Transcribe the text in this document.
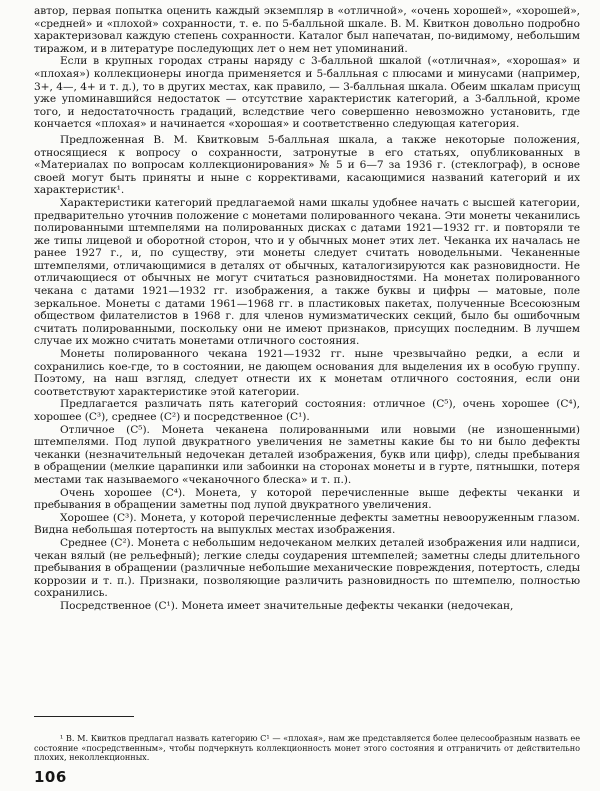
автор, первая попытка оценить каждый экземпляр в «отличной», «очень хорошей», «хорошей», «средней» и «плохой» сохранности, т. е. по 5-балльной шкале. В. М. Квиткон довольно подробно характеризовал каждую степень сохранности. Каталог был напечатан, по-видимому, небольшим тиражом, и в литературе последующих лет о нем нет упоминаний.

Если в крупных городах страны наряду с 3-балльной шкалой («отличная», «хорошая» и «плохая») коллекционеры иногда применяется и 5-балльная с плюсами и минусами (например, 3+, 4—, 4+ и т. д.), то в других местах, как правило, — 3-балльная шкала. Обеим шкалам присущ уже упоминавшийся недостаток — отсутствие характеристик категорий, а 3-балльной, кроме того, и недостаточность градаций, вследствие чего совершенно невозможно установить, где кончается «плохая» и начинается «хорошая» и соответственно следующая категория.

Предложенная В. М. Квитковым 5-балльная шкала, а также некоторые положения, относящиеся к вопросу о сохранности, затронутые в его статьях, опубликованных в «Материалах по вопросам коллекционирования» № 5 и 6—7 за 1936 г. (стеклограф), в основе своей могут быть приняты и ныне с коррективами, касающимися названий категорий и их характеристик¹.

Характеристики категорий предлагаемой нами шкалы удобнее начать с высшей категории, предварительно уточнив положение с монетами полированного чекана. Эти монеты чеканились полированными штемпелями на полированных дисках с датами 1921—1932 гг. и повторяли те же типы лицевой и оборотной сторон, что и у обычных монет этих лет. Чеканка их началась не ранее 1927 г., и, по существу, эти монеты следует считать новодельными. Чеканенные штемпелями, отличающимися в деталях от обычных, каталогизируются как разновидности. Не отличающиеся от обычных не могут считаться разновидностями. На монетах полированного чекана с датами 1921—1932 гг. изображения, а также буквы и цифры — матовые, поле зеркальное. Монеты с датами 1961—1968 гг. в пластиковых пакетах, полученные Всесоюзным обществом филателистов в 1968 г. для членов нумизматических секций, было бы ошибочным считать полированными, поскольку они не имеют признаков, присущих последним. В лучшем случае их можно считать монетами отличного состояния.

Монеты полированного чекана 1921—1932 гг. ныне чрезвычайно редки, а если и сохранились кое-где, то в состоянии, не дающем основания для выделения их в особую группу. Поэтому, на наш взгляд, следует отнести их к монетам отличного состояния, если они соответствуют характеристике этой категории.

Предлагается различать пять категорий состояния: отличное (C⁵), очень хорошее (C⁴), хорошее (C³), среднее (C²) и посредственное (C¹).

Отличное (C⁵). Монета чеканена полированными или новыми (не изношенными) штемпелями. Под лупой двукратного увеличения не заметны какие бы то ни было дефекты чеканки (незначительный недочекан деталей изображения, букв или цифр), следы пребывания в обращении (мелкие царапинки или забоинки на сторонах монеты и в гурте, пятнышки, потеря местами так называемого «чеканочного блеска» и т. п.).

Очень хорошее (C⁴). Монета, у которой перечисленные выше дефекты чеканки и пребывания в обращении заметны под лупой двукратного увеличения.

Хорошее (C³). Монета, у которой перечисленные дефекты заметны невооруженным глазом. Видна небольшая потертость на выпуклых местах изображения.

Среднее (C²). Монета с небольшим недочеканом мелких деталей изображения или надписи, чекан вялый (не рельефный); легкие следы соударения штемпелей; заметны следы длительного пребывания в обращении (различные небольшие механические повреждения, потертость, следы коррозии и т. п.). Признаки, позволяющие различить разновидность по штемпелю, полностью сохранились.

Посредственное (C¹). Монета имеет значительные дефекты чеканки (недочекан,

¹ В. М. Квитков предлагал назвать категорию C¹ — «плохая», нам же представляется более целесообразным назвать ее состояние «посредственным», чтобы подчеркнуть коллекционность монет этого состояния и отграничить от действительно плохих, неколлекционных.
106
